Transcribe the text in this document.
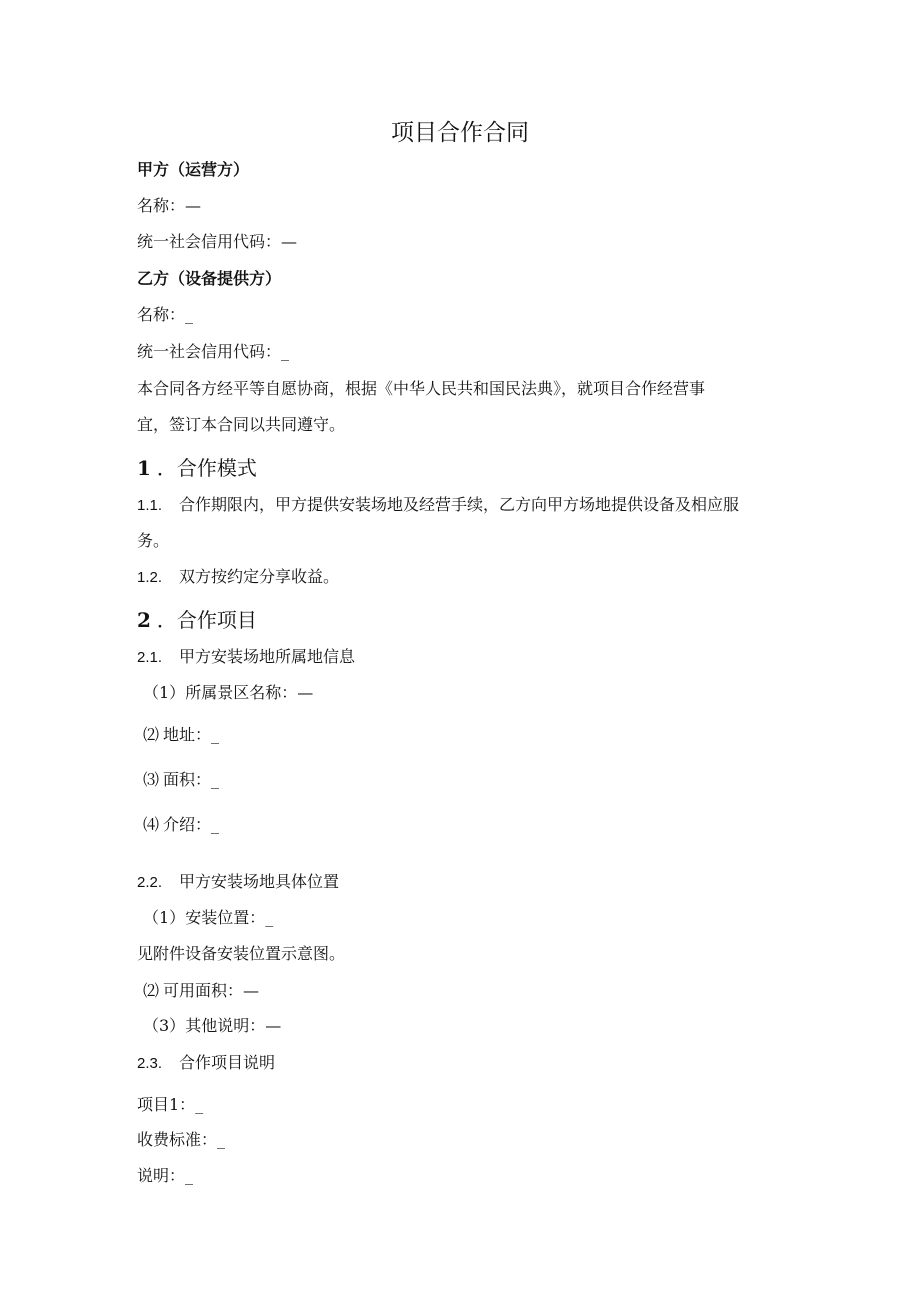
项目合作合同
甲方（运营方）
名称：—
统一社会信用代码：—
乙方（设备提供方）
名称：_
统一社会信用代码：_
本合同各方经平等自愿协商，根据《中华人民共和国民法典》，就项目合作经营事
宜，签订本合同以共同遵守。
1 ．合作模式
1.1. 合作期限内，甲方提供安装场地及经营手续，乙方向甲方场地提供设备及相应服
务。
1.2. 双方按约定分享收益。
2 ．合作项目
2.1. 甲方安装场地所属地信息
（1）所属景区名称：—
⑵ 地址：_
⑶ 面积：_
⑷ 介绍：_
2.2. 甲方安装场地具体位置
（1）安装位置：_
见附件设备安装位置示意图。
⑵ 可用面积：—
（3）其他说明：—
2.3. 合作项目说明
项目1：_
收费标准：_
说明：_
